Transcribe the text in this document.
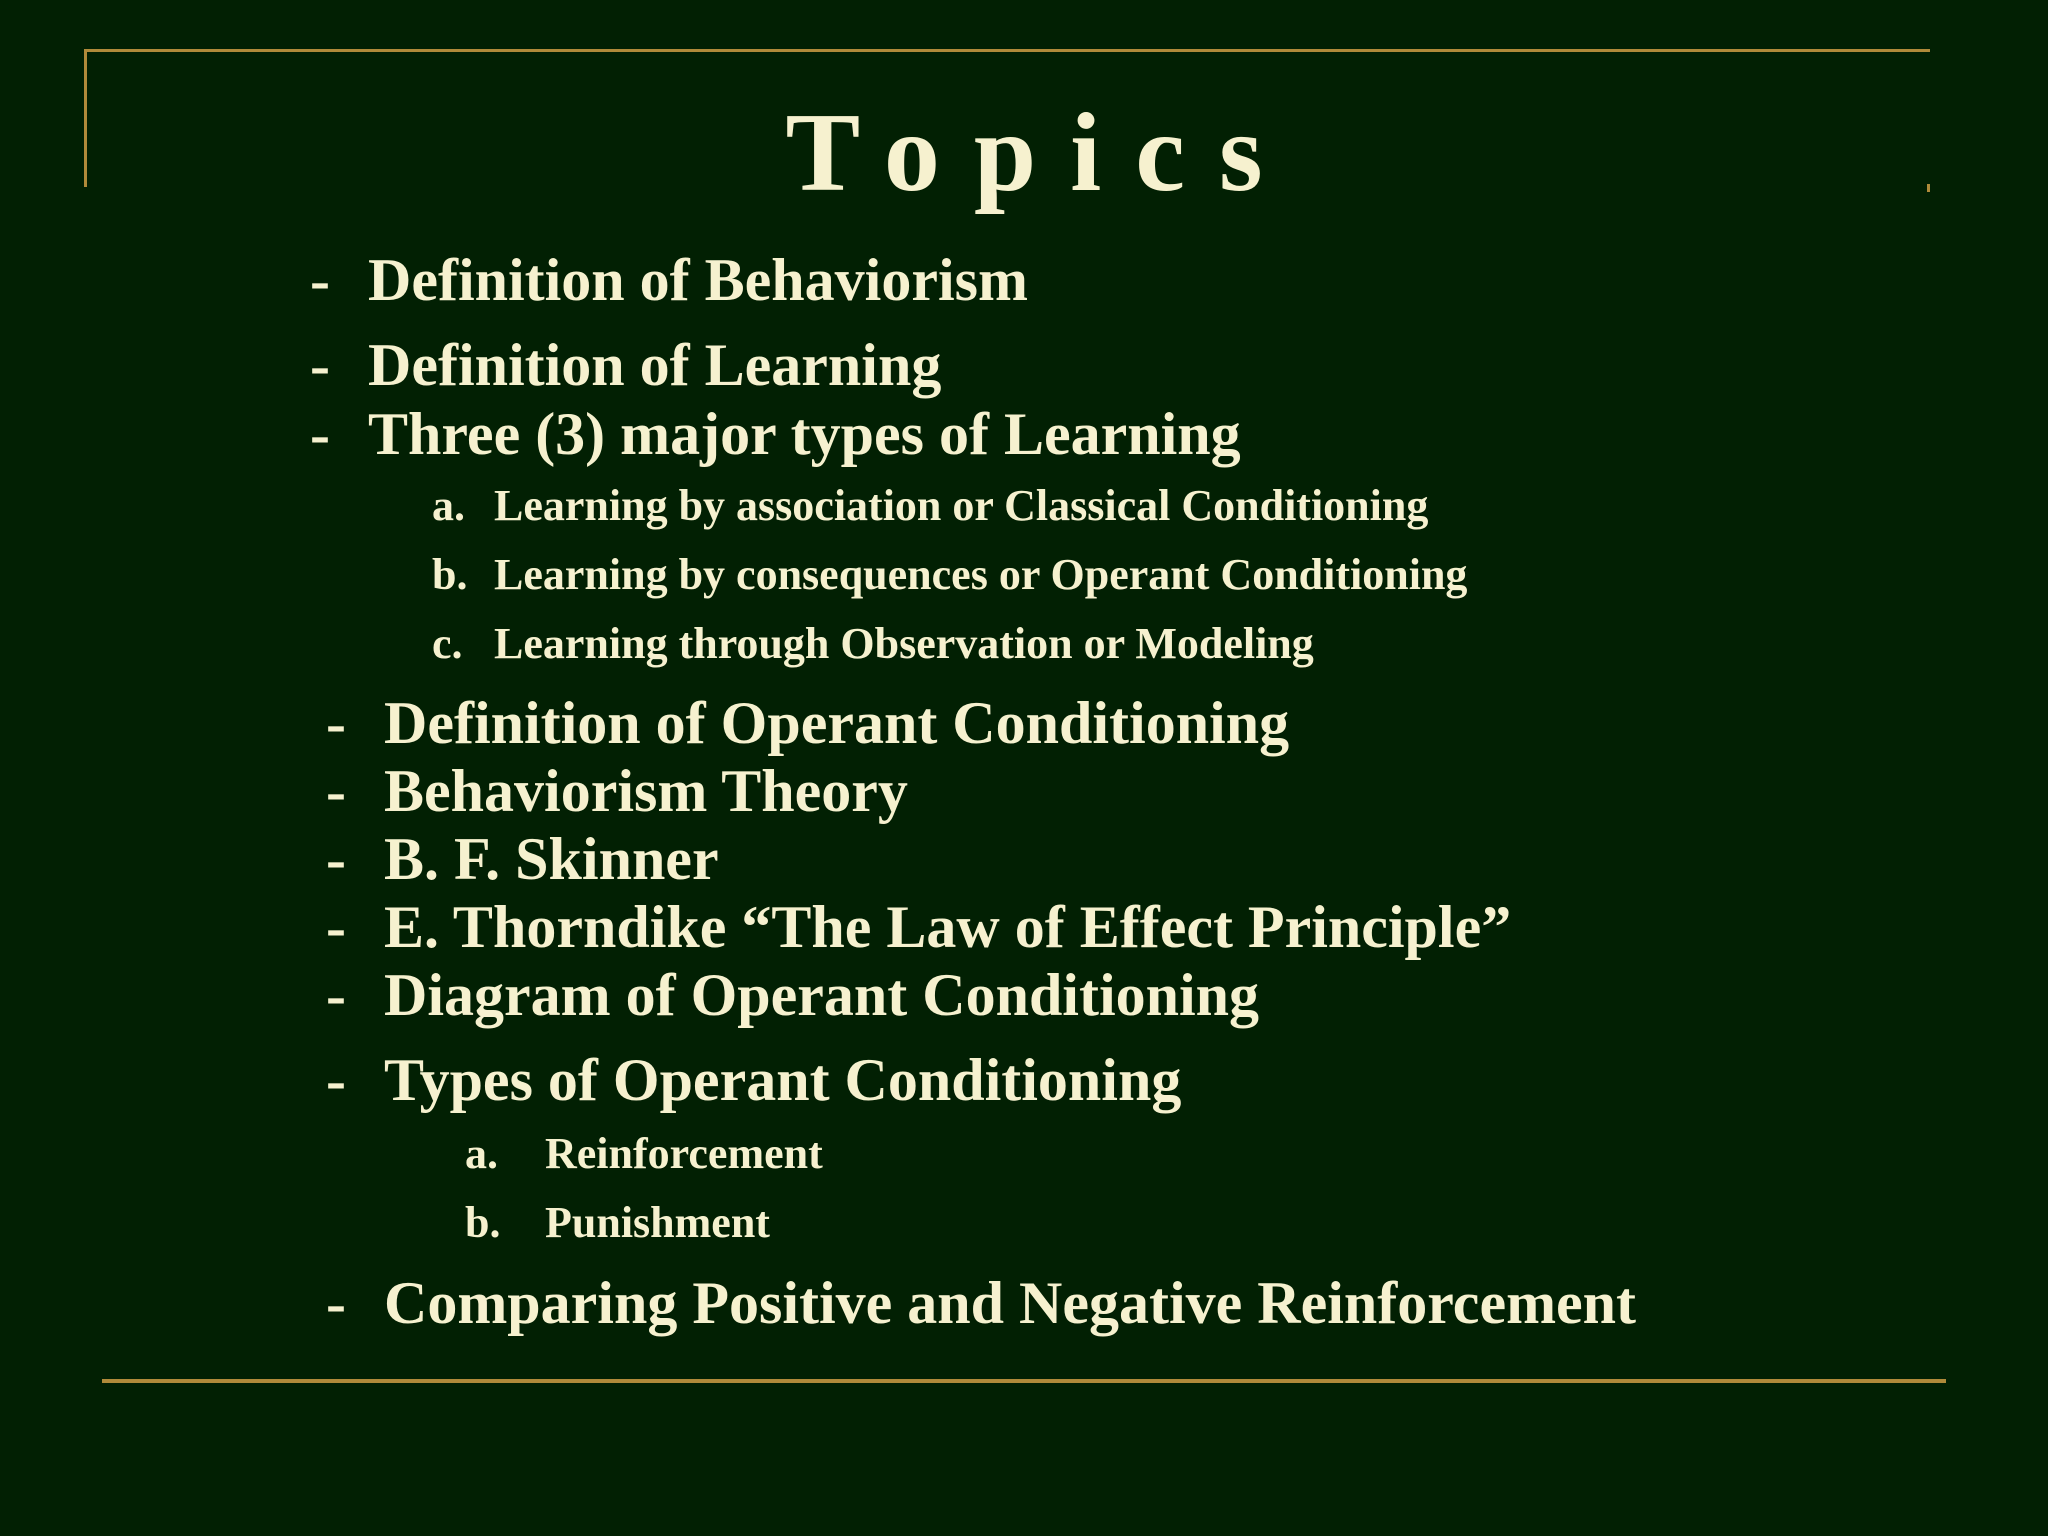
Topics
- Definition of Behaviorism
- Definition of Learning
- Three (3) major types of Learning
a. Learning by association or Classical Conditioning
b. Learning by consequences or Operant Conditioning
c. Learning through Observation or Modeling
- Definition of Operant Conditioning
- Behaviorism Theory
- B. F. Skinner
- E. Thorndike “The Law of Effect Principle”
- Diagram of Operant Conditioning
- Types of Operant Conditioning
a. Reinforcement
b. Punishment
- Comparing Positive and Negative Reinforcement
